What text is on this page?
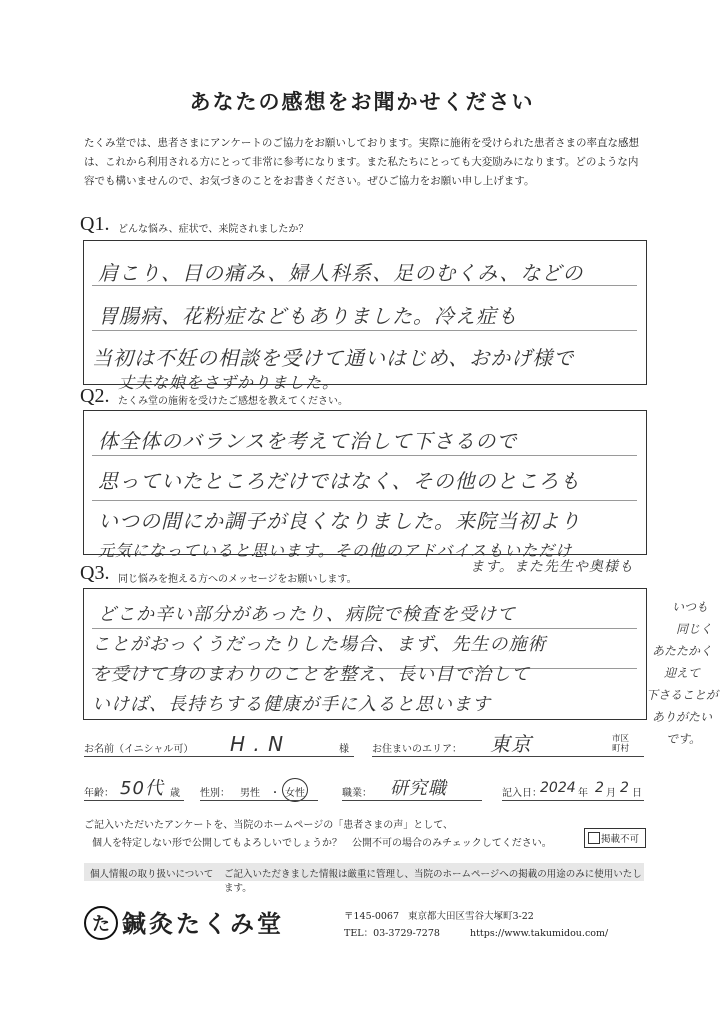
あなたの感想をお聞かせください
たくみ堂では、患者さまにアンケートのご協力をお願いしております。実際に施術を受けられた患者さまの率直な感想は、これから利用される方にとって非常に参考になります。また私たちにとっても大変励みになります。どのような内容でも構いませんので、お気づきのことをお書きください。ぜひご協力をお願い申し上げます。
Q1. どんな悩み、症状で、来院されましたか？
肩こり、目の痛み、婦人科系、足のむくみ、などの
胃腸病、花粉症などもありました。冷え症も
当初は不妊の相談を受けて通いはじめ、おかげ様で
丈夫な娘をさずかりました。
Q2. たくみ堂の施術を受けたご感想を教えてください。
体全体のバランスを考えて治して下さるので
思っていたところだけではなく、その他のところも
いつの間にか調子が良くなりました。来院当初より
元気になっていると思います。その他のアドバイスもいただけ
ます。また先生や奥様も
Q3. 同じ悩みを抱える方へのメッセージをお願いします。
どこか辛い部分があったり、病院で検査を受けて
ことがおっくうだったりした場合、まず、先生の施術
を受けて身のまわりのことを整え、長い目で治して
いけば、長持ちする健康が手に入ると思います
いつも
同じく
あたたかく
迎えて
下さることが
ありがたい
です。
お名前（イニシャル可） H . N	様 お住まいのエリア： 東京	市区町村
年齢： 50代 歳 性別： 男性 ・ 女性	職業： 研究職	記入日：
2024 年 2 月 2 日
ご記入いただいたアンケートを、当院のホームページの「患者さまの声」として、
個人を特定しない形で公開してもよろしいでしょうか？　公開不可の場合のみチェックしてください。	掲載不可
個人情報の取り扱いについて ご記入いただきました情報は厳重に管理し、当院のホームページへの掲載の用途のみに使用いたします。
た 鍼灸たくみ堂	〒145-0067 東京都大田区雪谷大塚町3-22
TEL：03-3729-7278	https://www.takumidou.com/
